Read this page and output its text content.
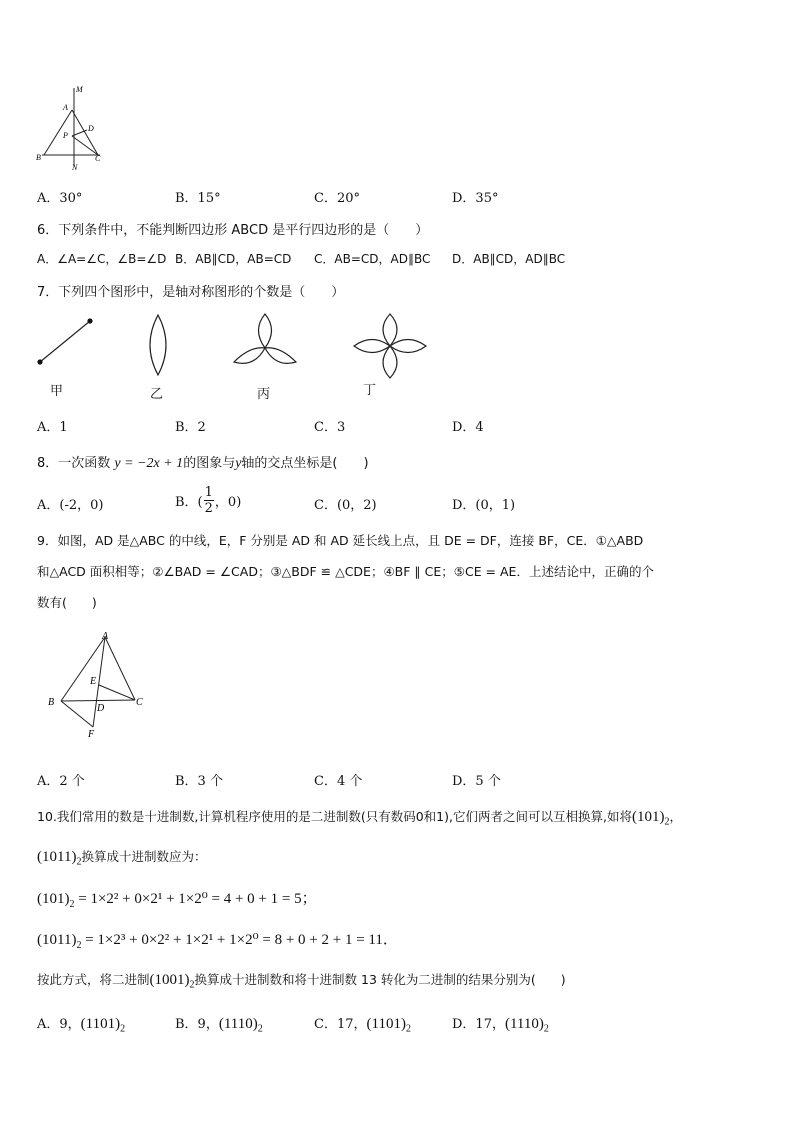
M
A
P
D
B
N
C
A．30°	B．15°	C．20°	D．35°
6．下列条件中，不能判断四边形 ABCD 是平行四边形的是（　　）
A．∠A=∠C，∠B=∠D B．AB∥CD，AB=CD C．AB=CD，AD∥BC D．AB∥CD，AD∥BC
7．下列四个图形中，是轴对称图形的个数是（　　）
甲	乙	丙	丁
A．1	B．2	C．3	D．4
8．一次函数 y = −2x + 1的图象与y轴的交点坐标是(　　)
A．(-2，0)	B．( $\frac{1}{2}$ ，0)	C．(0，2)	D．(0，1)
9．如图，AD 是△ABC 的中线，E，F 分别是 AD 和 AD 延长线上点，且 DE = DF，连接 BF，CE．①△ABD
和△ACD 面积相等；②∠BAD = ∠CAD；③△BDF ≌ △CDE；④BF ∥ CE；⑤CE = AE．上述结论中，正确的个
数有(　　)
A
E
B
D
C
F
A．2 个	B．3 个	C．4 个	D．5 个
10.我们常用的数是十进制数,计算机程序使用的是二进制数(只有数码0和1),它们两者之间可以互相换算,如将$(101)_2$，
$(1011)_2$换算成十进制数应为：
$(101)_2 = 1\times 2^2 + 0\times 2^1 + 1\times 2^0 = 4 + 0 + 1 = 5$；
$(1011)_2 = 1\times 2^3 + 0\times 2^2 + 1\times 2^1 + 1\times 2^0 = 8 + 0 + 2 + 1 = 11$．
按此方式，将二进制$(1001)_2$换算成十进制数和将十进制数 13 转化为二进制的结果分别为(　　)
A．9，$(1101)_2$	B．9，$(1110)_2$	C．17，$(1101)_2$	D．17，$(1110)_2$
